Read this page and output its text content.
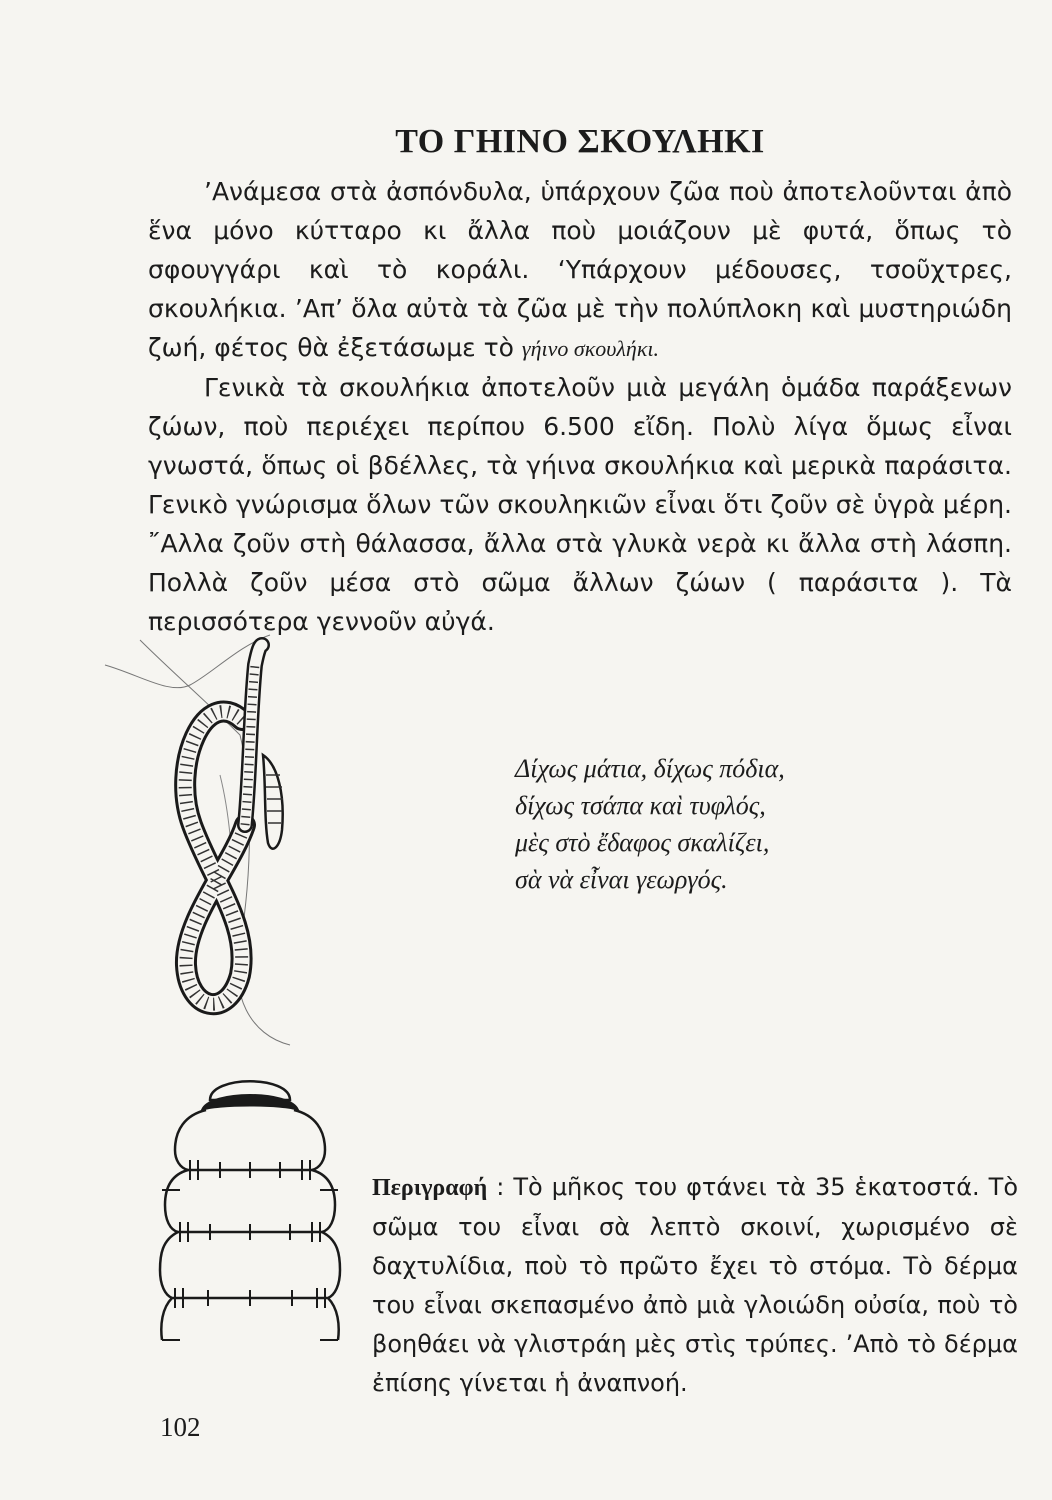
ΤΟ ΓΗΙΝΟ ΣΚΟΥΛΗΚΙ

’Ανάμεσα στὰ ἀσπόνδυλα, ὑπάρχουν ζῶα ποὺ ἀποτελοῦνται ἀπὸ ἕνα μόνο κύτταρο κι ἄλλα ποὺ μοιάζουν μὲ φυτά, ὅπως τὸ σφουγγάρι καὶ τὸ κοράλι. ‘Υπάρχουν μέδουσες, τσοῦχτρες, σκουλήκια. ’Απ’ ὅλα αὐτὰ τὰ ζῶα μὲ τὴν πολύπλοκη καὶ μυστηριώδη ζωή, φέτος θὰ ἐξετάσωμε τὸ γήινο σκουλήκι.

Γενικὰ τὰ σκουλήκια ἀποτελοῦν μιὰ μεγάλη ὁμάδα παράξενων ζώων, ποὺ περιέχει περίπου 6.500 εἴδη. Πολὺ λίγα ὅμως εἶναι γνωστά, ὅπως οἱ βδέλλες, τὰ γήινα σκουλήκια καὶ μερικὰ παράσιτα. Γενικὸ γνώρισμα ὅλων τῶν σκουληκιῶν εἶναι ὅτι ζοῦν σὲ ὑγρὰ μέρη. ῎Αλλα ζοῦν στὴ θάλασσα, ἄλλα στὰ γλυκὰ νερὰ κι ἄλλα στὴ λάσπη. Πολλὰ ζοῦν μέσα στὸ σῶμα ἄλλων ζώων ( παράσιτα ). Τὰ περισσότερα γεννοῦν αὐγά.

Δίχως μάτια, δίχως πόδια,
δίχως τσάπα καὶ τυφλός,
μὲς στὸ ἔδαφος σκαλίζει,
σὰ νὰ εἶναι γεωργός.
Περιγραφή : Τὸ μῆκος του φτάνει τὰ 35 ἑκατοστά. Τὸ σῶμα του εἶναι σὰ λεπτὸ σκοινί, χωρισμένο σὲ δαχτυλίδια, ποὺ τὸ πρῶτο ἔχει τὸ στόμα. Τὸ δέρμα του εἶναι σκεπασμένο ἀπὸ μιὰ γλοιώδη οὐσία, ποὺ τὸ βοηθάει νὰ γλιστράη μὲς στὶς τρύπες. ’Απὸ τὸ δέρμα ἐπίσης γίνεται ἡ ἀναπνοή.
102
